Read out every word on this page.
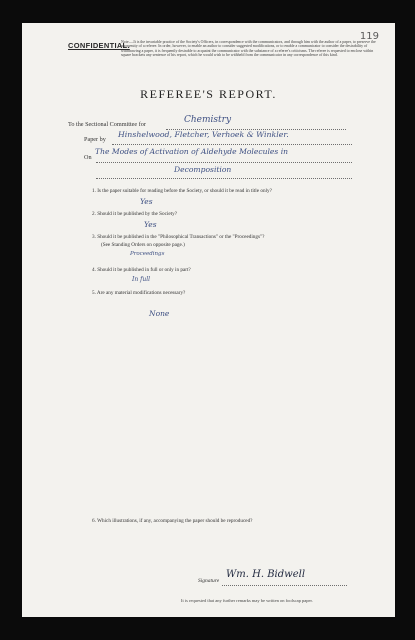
119
CONFIDENTIAL.
Note.—It is the invariable practice of the Society's Officers, in correspondence with the communicators, and through him with the author of a paper, to preserve the anonymity of a referee. In order, however, to enable an author to consider suggested modifications, or to enable a communicator to consider the desirability of withdrawing a paper, it is frequently desirable to acquaint the communicator with the substance of a referee's criticisms. The referee is requested to enclose within square brackets any sentence of his report, which he would wish to be withheld from the communicator in any correspondence of this kind.
REFEREE'S REPORT.
To the Sectional Committee for	Chemistry
Paper by
Hinshelwood, Fletcher, Verhoek & Winkler.
On
The Modes of Activation of Aldehyde Molecules in
Decomposition
1. Is the paper suitable for reading before the Society, or should it be read in title only?
Yes
2. Should it be published by the Society?
Yes
3. Should it be published in the "Philosophical Transactions" or the "Proceedings"?
(See Standing Orders on opposite page.)
Proceedings
4. Should it be published in full or only in part?
In full
5. Are any material modifications necessary?
None
6. Which illustrations, if any, accompanying the paper should be reproduced?
Signature
Wm. H. Bidwell
It is requested that any further remarks may be written on foolscap paper.
